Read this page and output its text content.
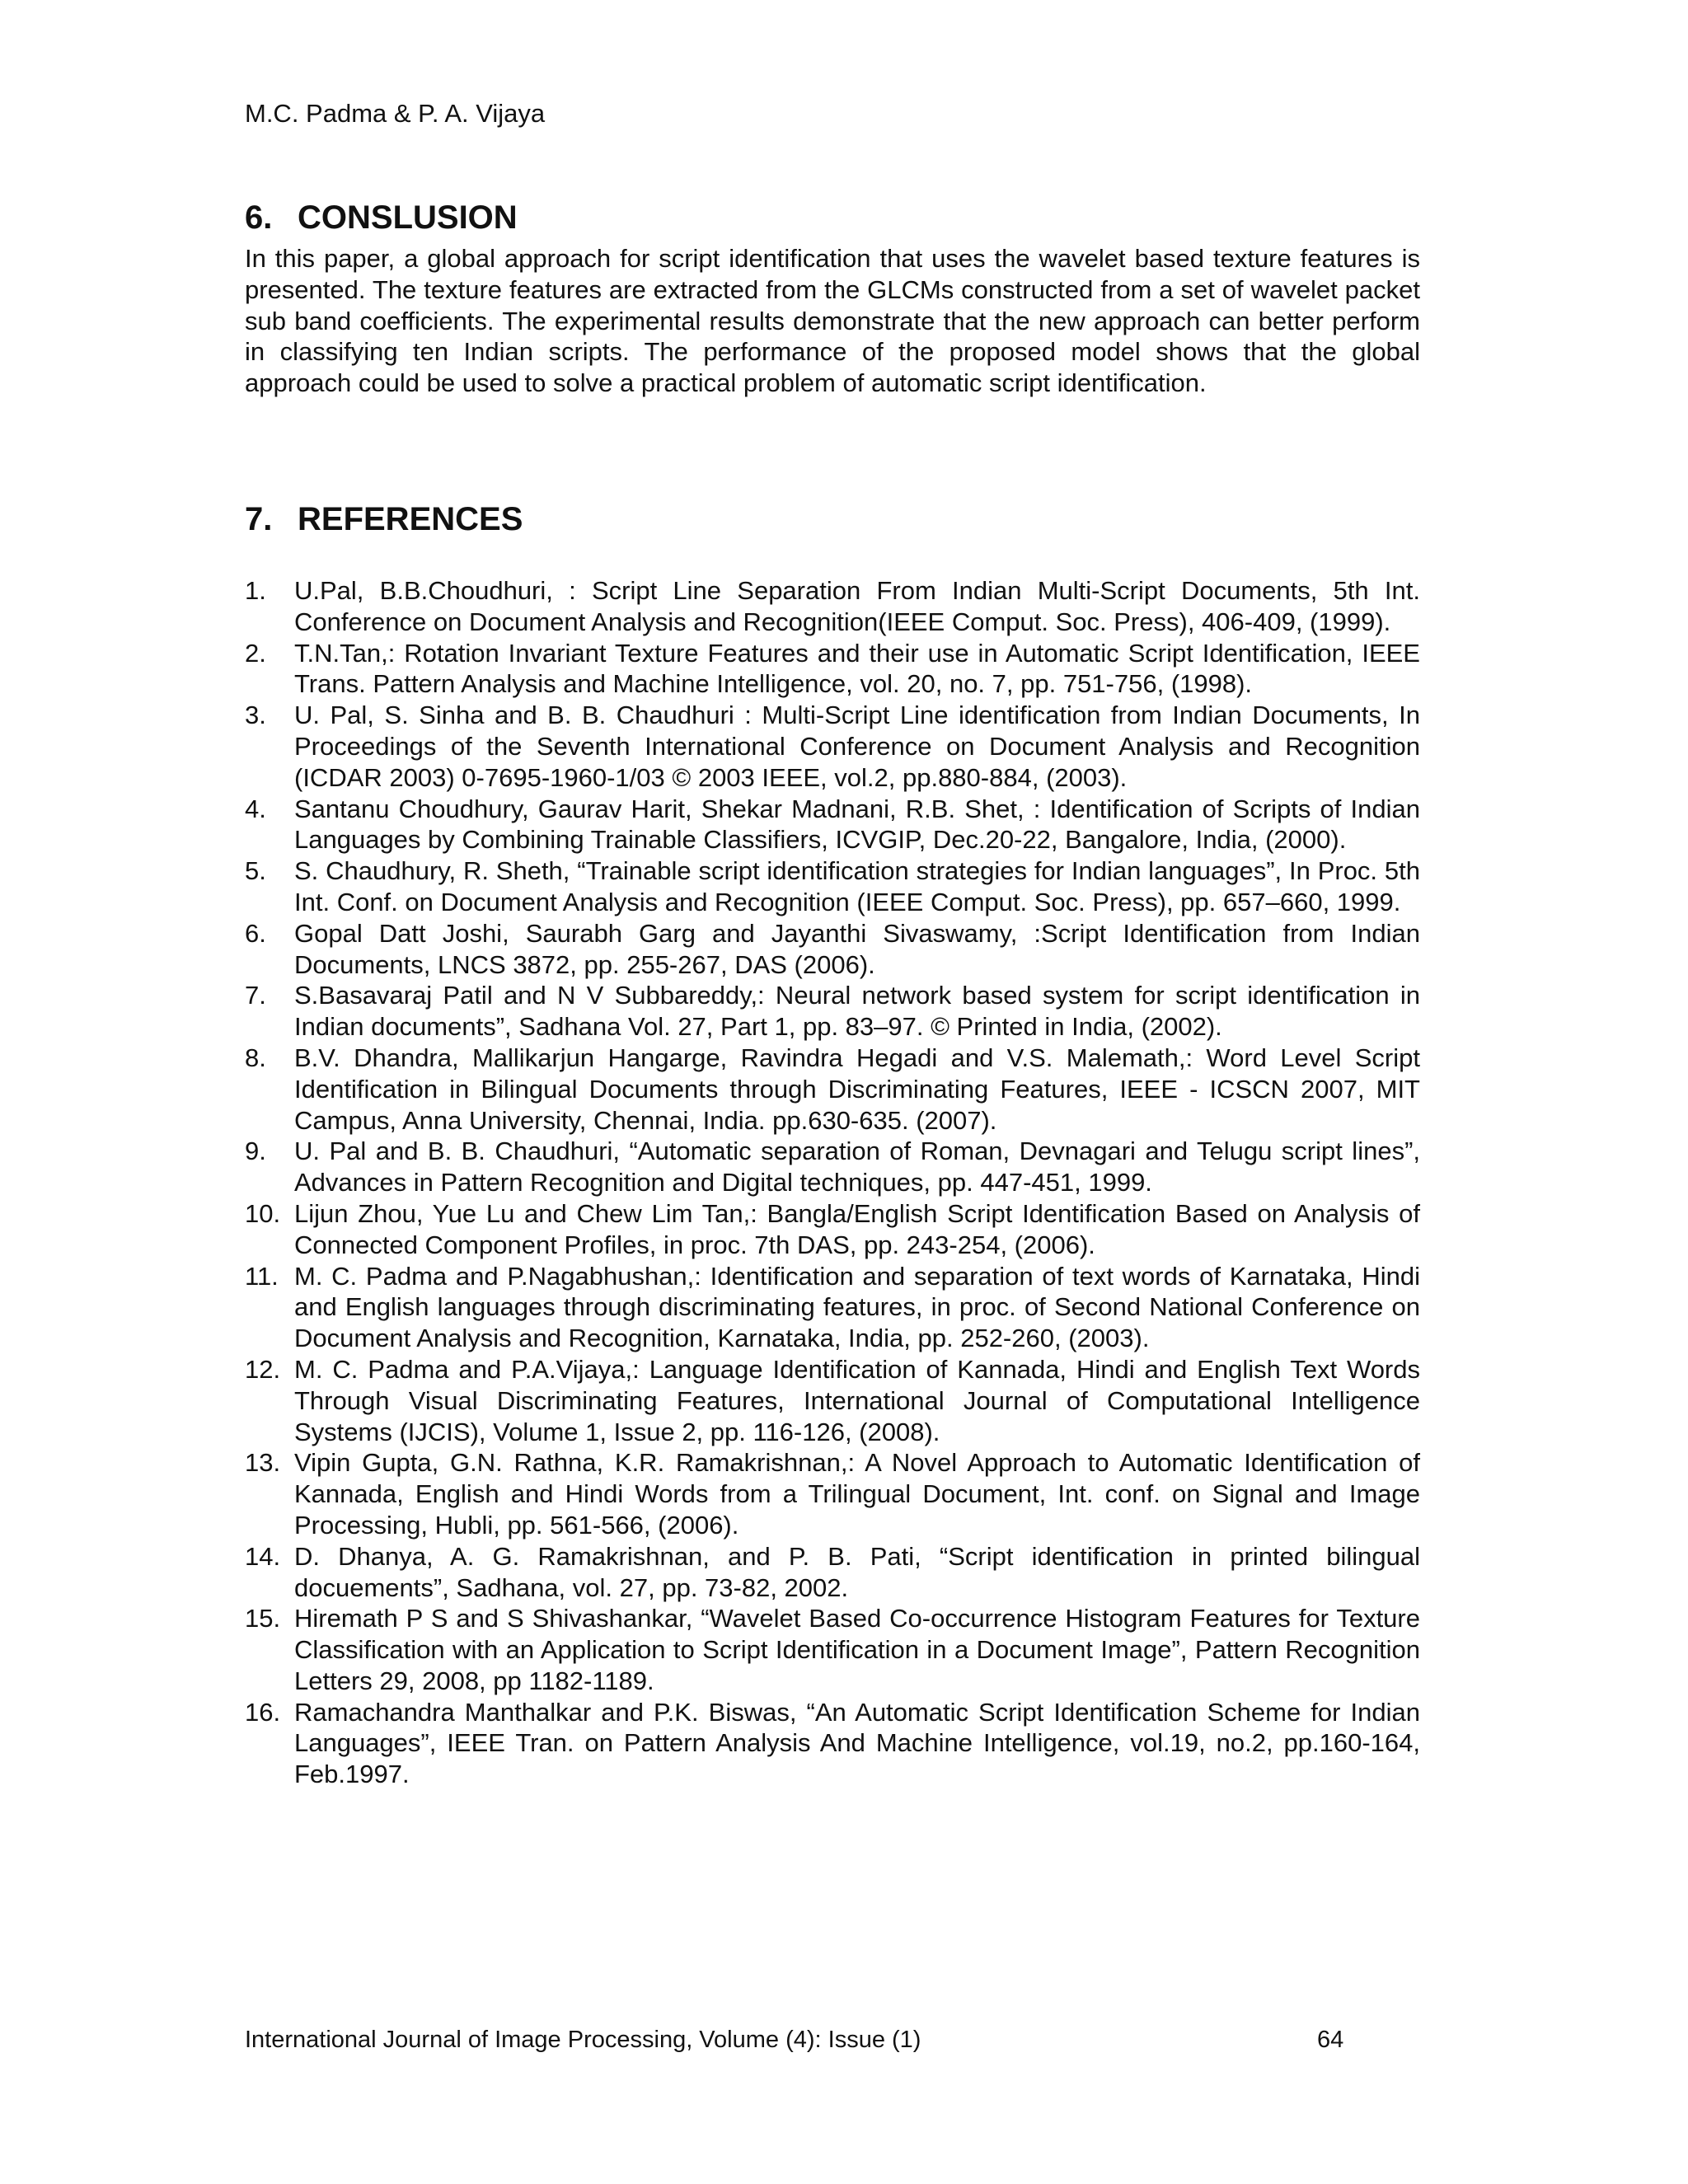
M.C. Padma & P. A. Vijaya
6. CONSLUSION

In this paper, a global approach for script identification that uses the wavelet based texture features is presented. The texture features are extracted from the GLCMs constructed from a set of wavelet packet sub band coefficients. The experimental results demonstrate that the new approach can better perform in classifying ten Indian scripts. The performance of the proposed model shows that the global approach could be used to solve a practical problem of automatic script identification.

7. REFERENCES
1. U.Pal, B.B.Choudhuri, : Script Line Separation From Indian Multi-Script Documents, 5th Int. Conference on Document Analysis and Recognition(IEEE Comput. Soc. Press), 406-409, (1999).
2. T.N.Tan,: Rotation Invariant Texture Features and their use in Automatic Script Identification, IEEE Trans. Pattern Analysis and Machine Intelligence, vol. 20, no. 7, pp. 751-756, (1998).
3. U. Pal, S. Sinha and B. B. Chaudhuri : Multi-Script Line identification from Indian Documents, In Proceedings of the Seventh International Conference on Document Analysis and Recognition (ICDAR 2003) 0-7695-1960-1/03 © 2003 IEEE, vol.2, pp.880-884, (2003).
4. Santanu Choudhury, Gaurav Harit, Shekar Madnani, R.B. Shet, : Identification of Scripts of Indian Languages by Combining Trainable Classifiers, ICVGIP, Dec.20-22, Bangalore, India, (2000).
5. S. Chaudhury, R. Sheth, “Trainable script identification strategies for Indian languages”, In Proc. 5th Int. Conf. on Document Analysis and Recognition (IEEE Comput. Soc. Press), pp. 657–660, 1999.
6. Gopal Datt Joshi, Saurabh Garg and Jayanthi Sivaswamy, :Script Identification from Indian Documents, LNCS 3872, pp. 255-267, DAS (2006).
7. S.Basavaraj Patil and N V Subbareddy,: Neural network based system for script identification in Indian documents”, Sadhana Vol. 27, Part 1, pp. 83–97. © Printed in India, (2002).
8. B.V. Dhandra, Mallikarjun Hangarge, Ravindra Hegadi and V.S. Malemath,: Word Level Script Identification in Bilingual Documents through Discriminating Features, IEEE - ICSCN 2007, MIT Campus, Anna University, Chennai, India. pp.630-635. (2007).
9. U. Pal and B. B. Chaudhuri, “Automatic separation of Roman, Devnagari and Telugu script lines”, Advances in Pattern Recognition and Digital techniques, pp. 447-451, 1999.
10. Lijun Zhou, Yue Lu and Chew Lim Tan,: Bangla/English Script Identification Based on Analysis of Connected Component Profiles, in proc. 7th DAS, pp. 243-254, (2006).
11. M. C. Padma and P.Nagabhushan,: Identification and separation of text words of Karnataka, Hindi and English languages through discriminating features, in proc. of Second National Conference on Document Analysis and Recognition, Karnataka, India, pp. 252-260, (2003).
12. M. C. Padma and P.A.Vijaya,: Language Identification of Kannada, Hindi and English Text Words Through Visual Discriminating Features, International Journal of Computational Intelligence Systems (IJCIS), Volume 1, Issue 2, pp. 116-126, (2008).
13. Vipin Gupta, G.N. Rathna, K.R. Ramakrishnan,: A Novel Approach to Automatic Identification of Kannada, English and Hindi Words from a Trilingual Document, Int. conf. on Signal and Image Processing, Hubli, pp. 561-566, (2006).
14. D. Dhanya, A. G. Ramakrishnan, and P. B. Pati, “Script identification in printed bilingual docuements”, Sadhana, vol. 27, pp. 73-82, 2002.
15. Hiremath P S and S Shivashankar, “Wavelet Based Co-occurrence Histogram Features for Texture Classification with an Application to Script Identification in a Document Image”, Pattern Recognition Letters 29, 2008, pp 1182-1189.
16. Ramachandra Manthalkar and P.K. Biswas, “An Automatic Script Identification Scheme for Indian Languages”, IEEE Tran. on Pattern Analysis And Machine Intelligence, vol.19, no.2, pp.160-164, Feb.1997.
International Journal of Image Processing, Volume (4): Issue (1)	64
